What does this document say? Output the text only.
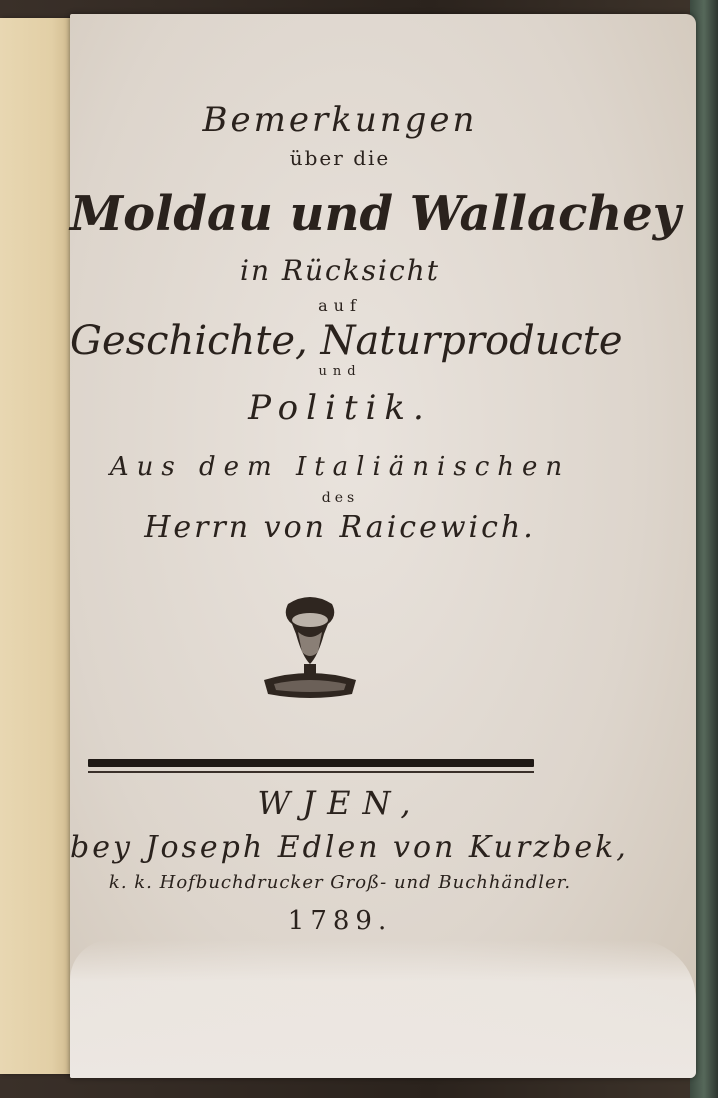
Bemerkungen
über die
Moldau und Wallachey
in Rücksicht
auf
Geschichte, Naturproducte
und
Politik.
Aus dem Italiänischen
des
Herrn von Raicewich.
WJEN,
bey Joseph Edlen von Kurzbek,
k. k. Hofbuchdrucker Groß- und Buchhändler.
1789.
